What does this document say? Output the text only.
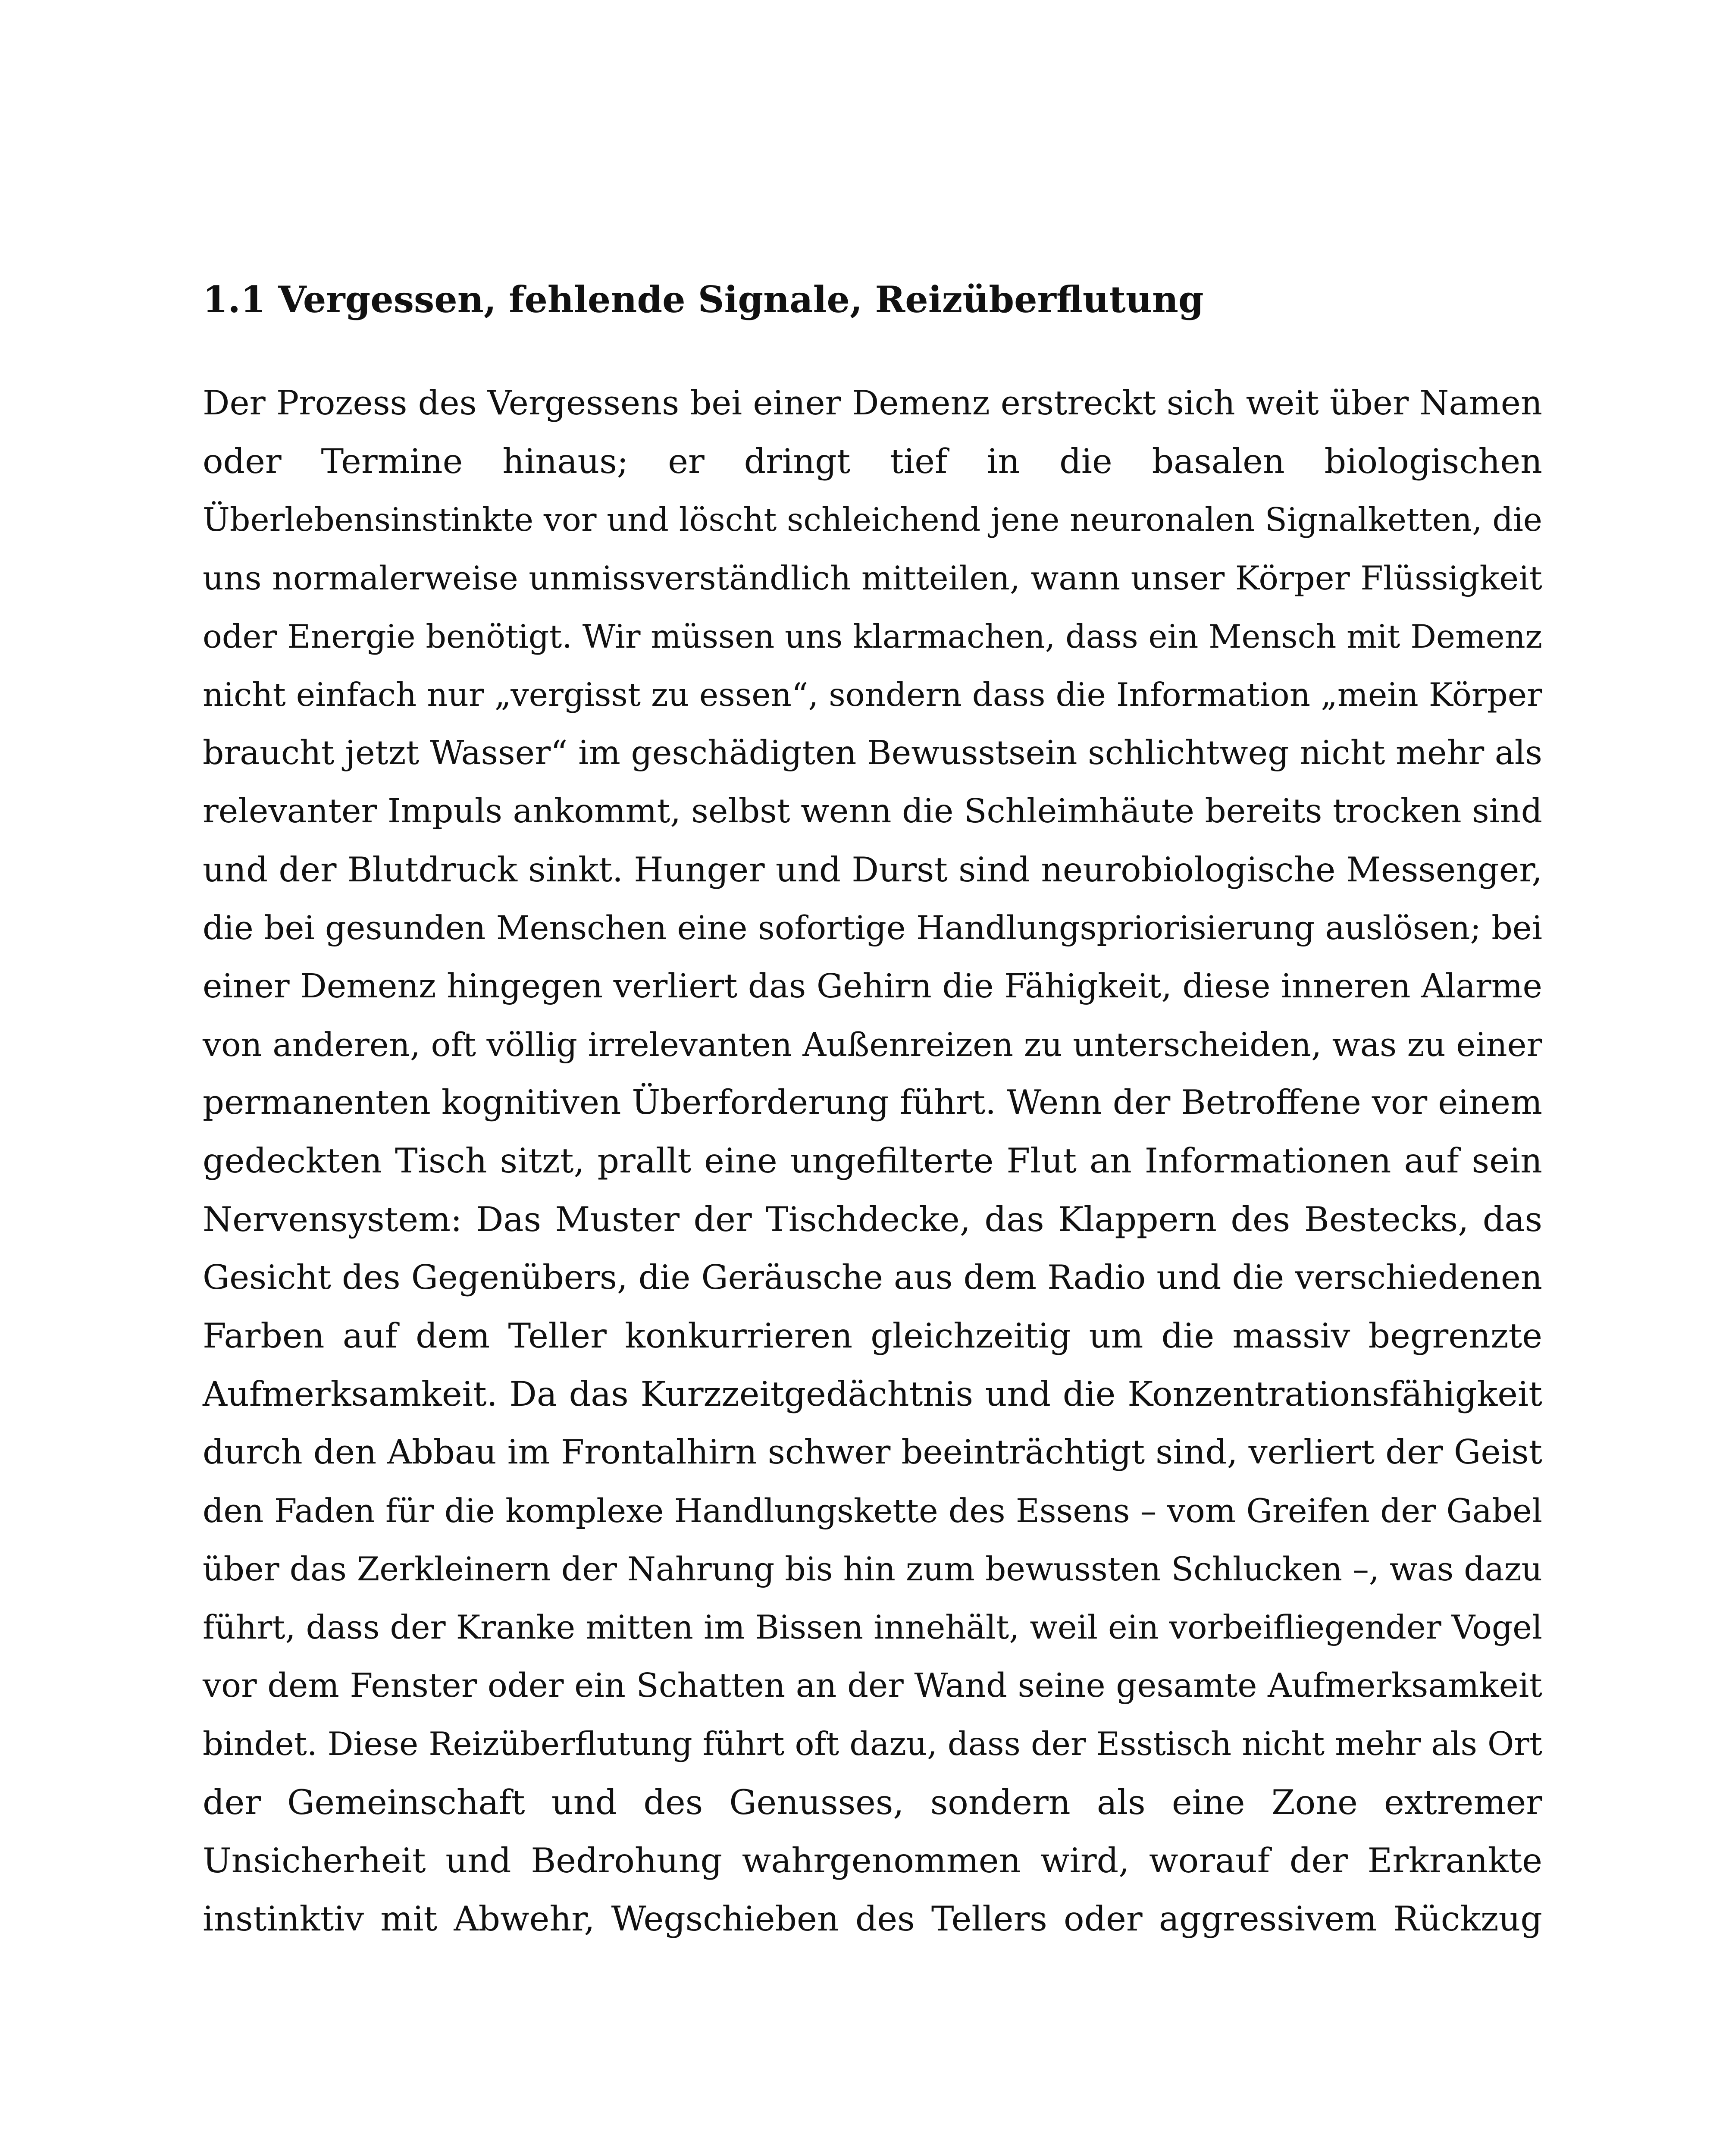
1.1 Vergessen, fehlende Signale, Reizüberflutung
Der Prozess des Vergessens bei einer Demenz erstreckt sich weit über Namen
oder Termine hinaus; er dringt tief in die basalen biologischen
Überlebensinstinkte vor und löscht schleichend jene neuronalen Signalketten, die
uns normalerweise unmissverständlich mitteilen, wann unser Körper Flüssigkeit
oder Energie benötigt. Wir müssen uns klarmachen, dass ein Mensch mit Demenz
nicht einfach nur „vergisst zu essen“, sondern dass die Information „mein Körper
braucht jetzt Wasser“ im geschädigten Bewusstsein schlichtweg nicht mehr als
relevanter Impuls ankommt, selbst wenn die Schleimhäute bereits trocken sind
und der Blutdruck sinkt. Hunger und Durst sind neurobiologische Messenger,
die bei gesunden Menschen eine sofortige Handlungspriorisierung auslösen; bei
einer Demenz hingegen verliert das Gehirn die Fähigkeit, diese inneren Alarme
von anderen, oft völlig irrelevanten Außenreizen zu unterscheiden, was zu einer
permanenten kognitiven Überforderung führt. Wenn der Betroffene vor einem
gedeckten Tisch sitzt, prallt eine ungefilterte Flut an Informationen auf sein
Nervensystem: Das Muster der Tischdecke, das Klappern des Bestecks, das
Gesicht des Gegenübers, die Geräusche aus dem Radio und die verschiedenen
Farben auf dem Teller konkurrieren gleichzeitig um die massiv begrenzte
Aufmerksamkeit. Da das Kurzzeitgedächtnis und die Konzentrationsfähigkeit
durch den Abbau im Frontalhirn schwer beeinträchtigt sind, verliert der Geist
den Faden für die komplexe Handlungskette des Essens – vom Greifen der Gabel
über das Zerkleinern der Nahrung bis hin zum bewussten Schlucken –, was dazu
führt, dass der Kranke mitten im Bissen innehält, weil ein vorbeifliegender Vogel
vor dem Fenster oder ein Schatten an der Wand seine gesamte Aufmerksamkeit
bindet. Diese Reizüberflutung führt oft dazu, dass der Esstisch nicht mehr als Ort
der Gemeinschaft und des Genusses, sondern als eine Zone extremer
Unsicherheit und Bedrohung wahrgenommen wird, worauf der Erkrankte
instinktiv mit Abwehr, Wegschieben des Tellers oder aggressivem Rückzug
